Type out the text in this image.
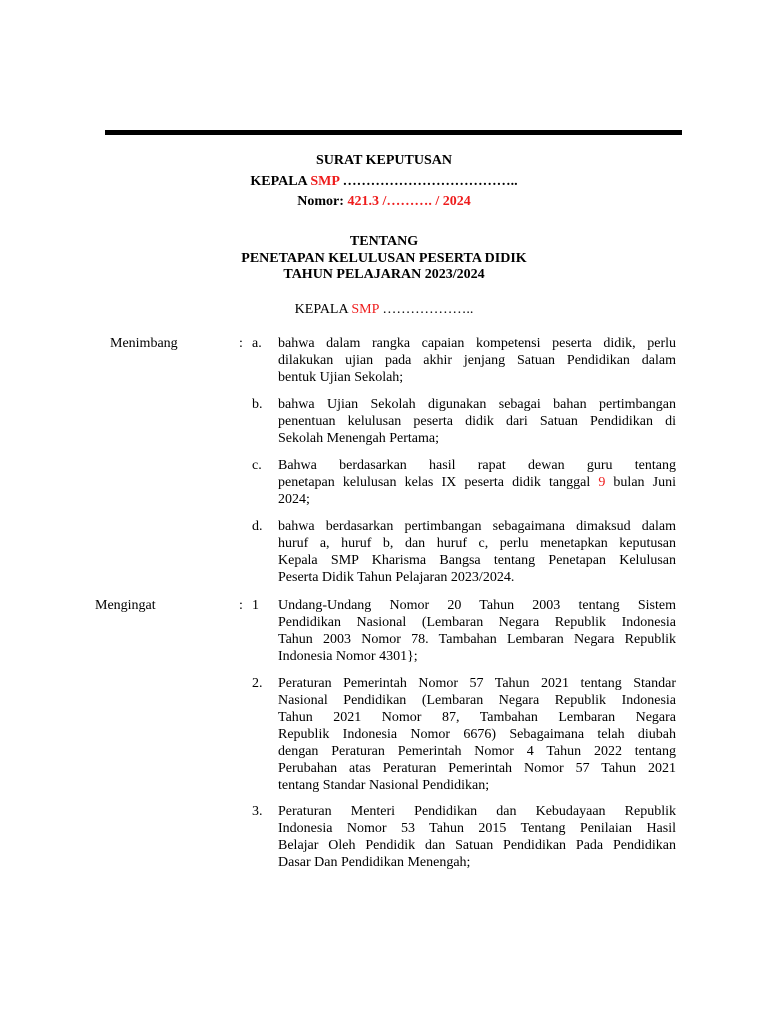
SURAT KEPUTUSAN
KEPALA SMP ………………………………..
Nomor: 421.3 /………. / 2024
TENTANG
PENETAPAN KELULUSAN PESERTA DIDIK
TAHUN PELAJARAN 2023/2024
KEPALA SMP ………………..
Menimbang	: a. bahwa dalam rangka capaian kompetensi peserta didik, perlu
dilakukan ujian pada akhir jenjang Satuan Pendidikan dalam
bentuk Ujian Sekolah;
b. bahwa Ujian Sekolah digunakan sebagai bahan pertimbangan
penentuan kelulusan peserta didik dari Satuan Pendidikan di
Sekolah Menengah Pertama;
c. Bahwa berdasarkan hasil rapat dewan guru tentang
penetapan kelulusan kelas IX peserta didik tanggal 9 bulan Juni
2024;
d. bahwa berdasarkan pertimbangan sebagaimana dimaksud dalam
huruf a, huruf b, dan huruf c, perlu menetapkan keputusan
Kepala SMP Kharisma Bangsa tentang Penetapan Kelulusan
Peserta Didik Tahun Pelajaran 2023/2024.
Mengingat	: 1 Undang-Undang Nomor 20 Tahun 2003 tentang Sistem
Pendidikan Nasional (Lembaran Negara Republik Indonesia
Tahun 2003 Nomor 78. Tambahan Lembaran Negara Republik
Indonesia Nomor 4301};
2. Peraturan Pemerintah Nomor 57 Tahun 2021 tentang Standar
Nasional Pendidikan (Lembaran Negara Republik Indonesia
Tahun 2021 Nomor 87, Tambahan Lembaran Negara
Republik Indonesia Nomor 6676) Sebagaimana telah diubah
dengan Peraturan Pemerintah Nomor 4 Tahun 2022 tentang
Perubahan atas Peraturan Pemerintah Nomor 57 Tahun 2021
tentang Standar Nasional Pendidikan;
3. Peraturan Menteri Pendidikan dan Kebudayaan Republik
Indonesia Nomor 53 Tahun 2015 Tentang Penilaian Hasil
Belajar Oleh Pendidik dan Satuan Pendidikan Pada Pendidikan
Dasar Dan Pendidikan Menengah;
